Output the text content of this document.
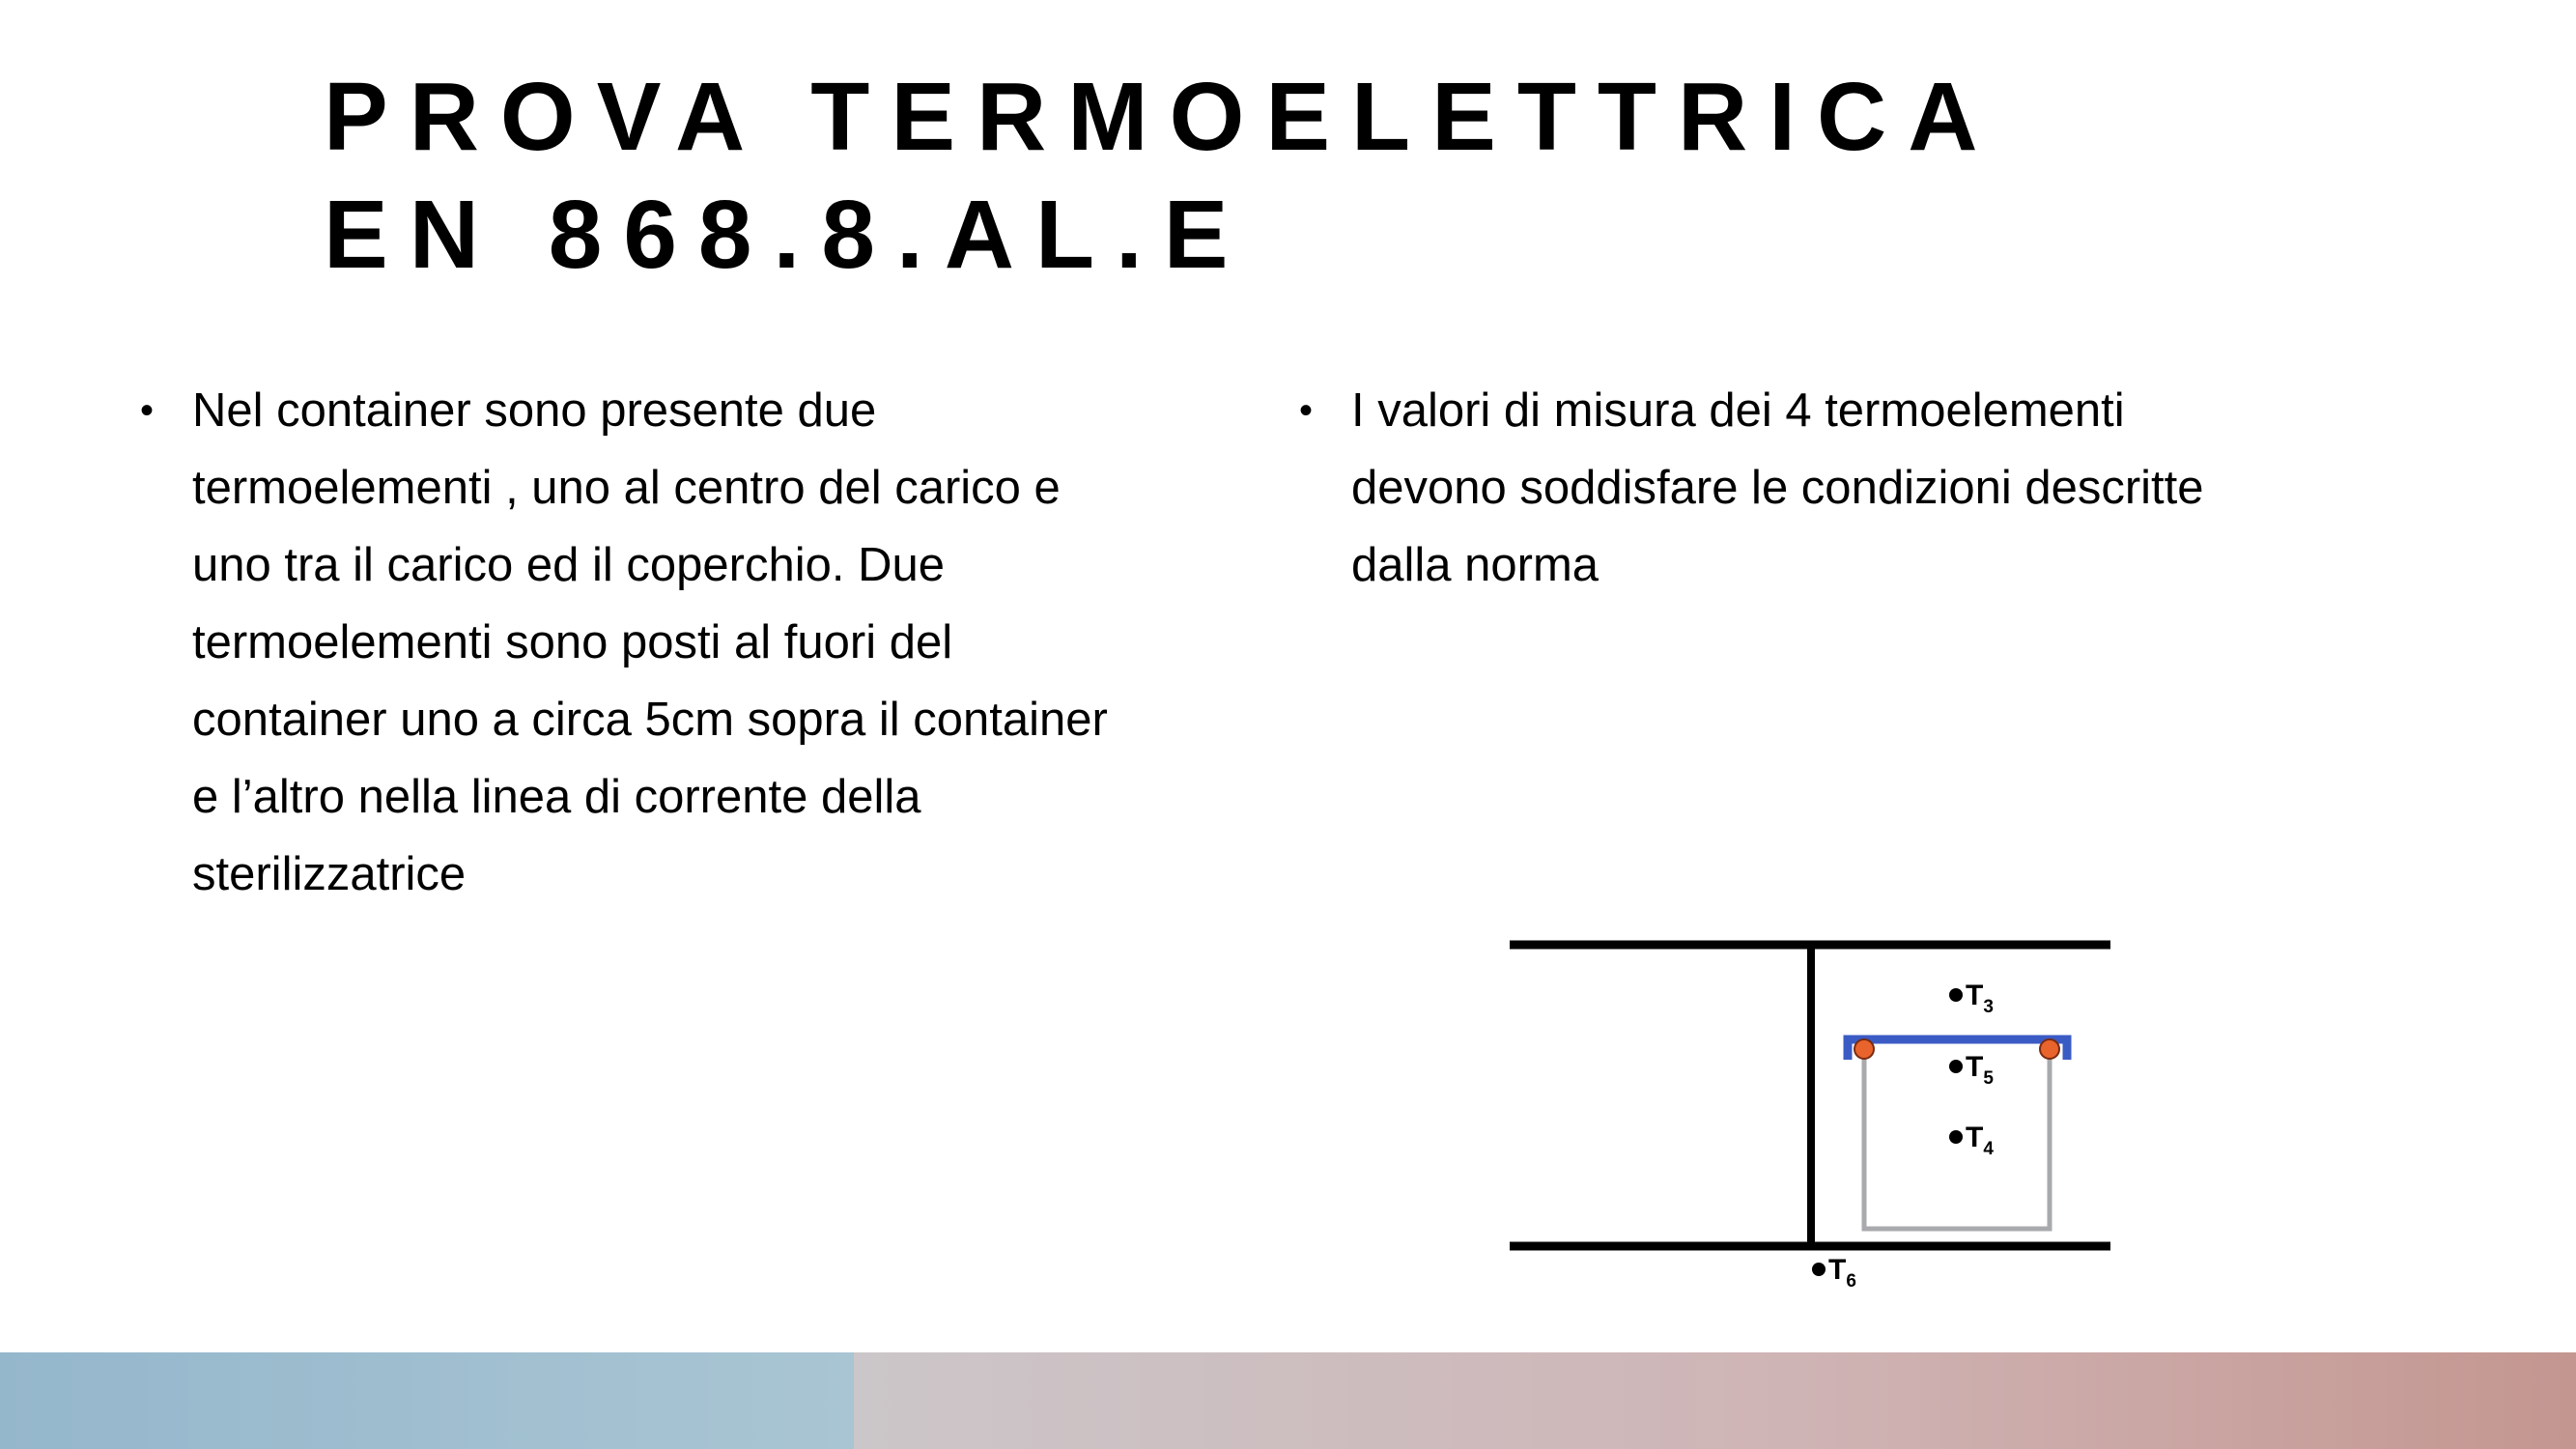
PROVA TERMOELETTRICA
EN 868.8.AL.E
• Nel container sono presente due termoelementi , uno al centro del carico e uno tra il carico ed il coperchio. Due termoelementi sono posti al fuori del container uno a circa 5cm sopra il container e l’altro nella linea di corrente della sterilizzatrice
• I valori di misura dei 4 termoelementi devono soddisfare le condizioni descritte dalla norma
$T_3$
$T_5$
$T_4$
$T_6$
